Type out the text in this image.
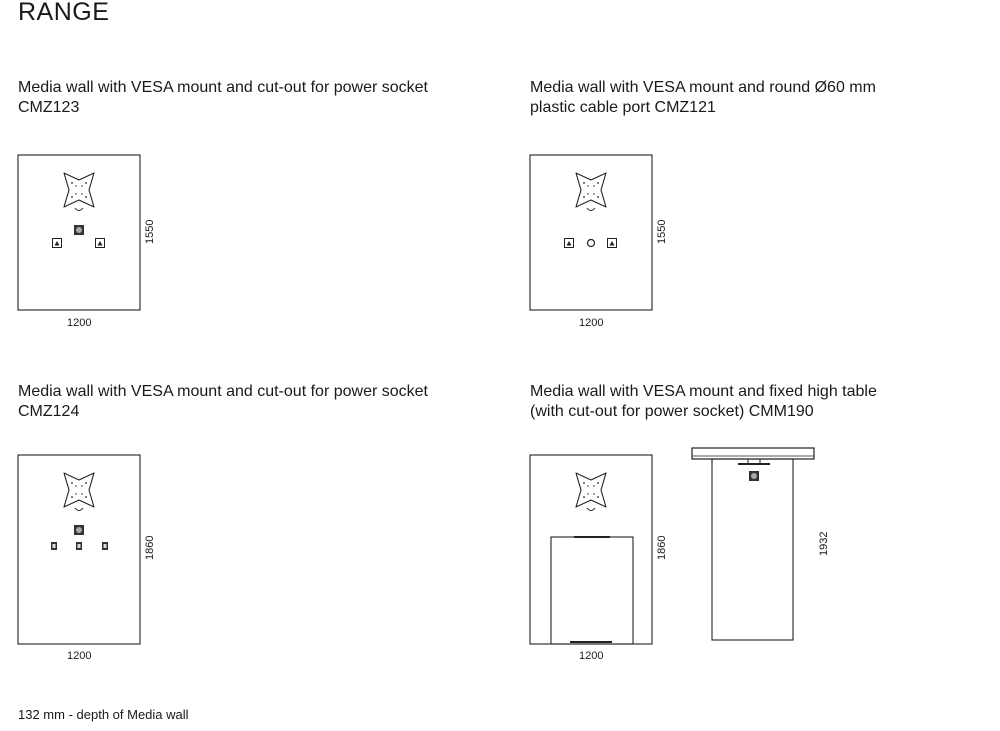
RANGE
Media wall with VESA mount and cut-out for power socket
CMZ123
Media wall with VESA mount and round Ø60 mm
plastic cable port CMZ121
Media wall with VESA mount and cut-out for power socket
CMZ124
Media wall with VESA mount and fixed high table
(with cut-out for power socket) CMM190
1200
1550
1200
1550
1200
1860
1200
1860	1932
132 mm - depth of Media wall
